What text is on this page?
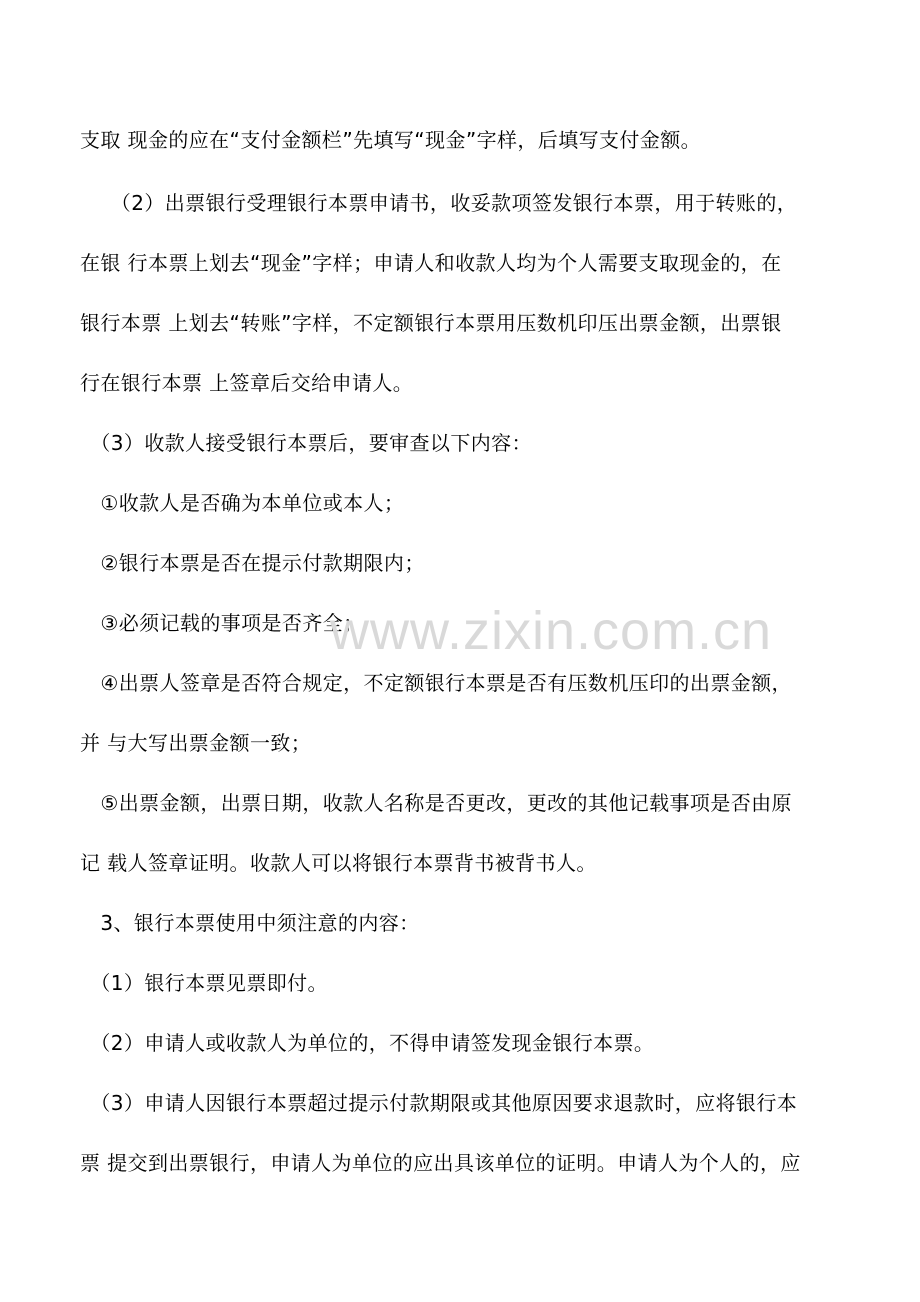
支取 现金的应在“支付金额栏”先填写“现金”字样，后填写支付金额。
　　（2）出票银行受理银行本票申请书，收妥款项签发银行本票，用于转账的，
在银 行本票上划去“现金”字样；申请人和收款人均为个人需要支取现金的，在
银行本票 上划去“转账”字样，不定额银行本票用压数机印压出票金额，出票银
行在银行本票 上签章后交给申请人。
　（3）收款人接受银行本票后，要审查以下内容：
　①收款人是否确为本单位或本人；
　②银行本票是否在提示付款期限内；
　③必须记载的事项是否齐全；
　④出票人签章是否符合规定，不定额银行本票是否有压数机压印的出票金额，
并 与大写出票金额一致；
　⑤出票金额，出票日期，收款人名称是否更改，更改的其他记载事项是否由原
记 载人签章证明。收款人可以将银行本票背书被背书人。
　3、银行本票使用中须注意的内容：
　（1）银行本票见票即付。
　（2）申请人或收款人为单位的，不得申请签发现金银行本票。
　（3）申请人因银行本票超过提示付款期限或其他原因要求退款时，应将银行本
票 提交到出票银行，申请人为单位的应出具该单位的证明。申请人为个人的，应
www.zixin.com.cn
